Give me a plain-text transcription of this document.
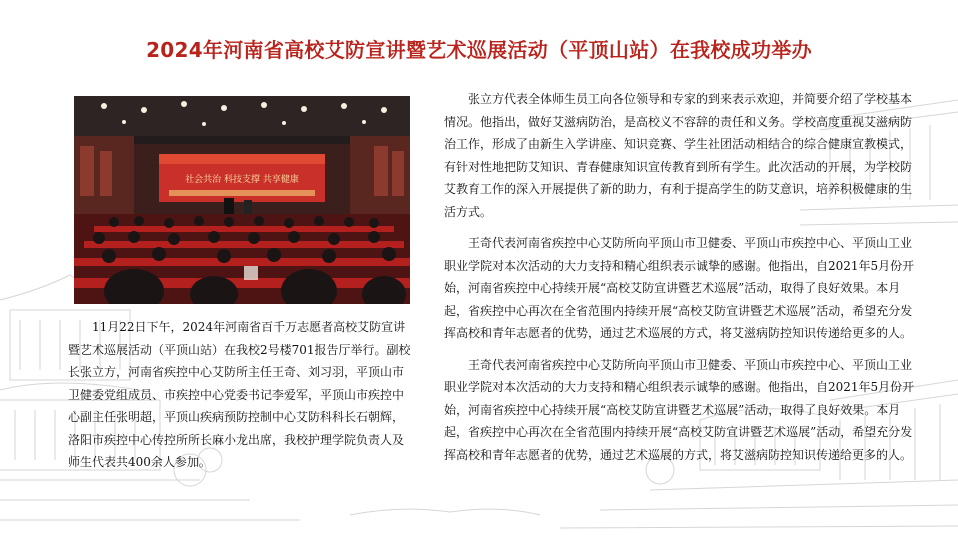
2024年河南省高校艾防宣讲暨艺术巡展活动（平顶山站）在我校成功举办
社会共治 科技支撑 共享健康

11月22日下午，2024年河南省百千万志愿者高校艾防宣讲暨艺术巡展活动（平顶山站）在我校2号楼701报告厅举行。副校长张立方，河南省疾控中心艾防所主任王奇、刘习羽，平顶山市卫健委党组成员、市疾控中心党委书记李爱军，平顶山市疾控中心副主任张明超，平顶山疾病预防控制中心艾防科科长石朝辉，洛阳市疾控中心传控所所长麻小龙出席，我校护理学院负责人及师生代表共400余人参加。

张立方代表全体师生员工向各位领导和专家的到来表示欢迎，并简要介绍了学校基本情况。他指出，做好艾滋病防治，是高校义不容辞的责任和义务。学校高度重视艾滋病防治工作，形成了由新生入学讲座、知识竞赛、学生社团活动相结合的综合健康宣教模式，有针对性地把防艾知识、青春健康知识宣传教育到所有学生。此次活动的开展，为学校防艾教育工作的深入开展提供了新的助力，有利于提高学生的防艾意识，培养积极健康的生活方式。

王奇代表河南省疾控中心艾防所向平顶山市卫健委、平顶山市疾控中心、平顶山工业职业学院对本次活动的大力支持和精心组织表示诚挚的感谢。他指出，自2021年5月份开始，河南省疾控中心持续开展“高校艾防宣讲暨艺术巡展”活动，取得了良好效果。本月起，省疾控中心再次在全省范围内持续开展“高校艾防宣讲暨艺术巡展”活动，希望充分发挥高校和青年志愿者的优势，通过艺术巡展的方式，将艾滋病防控知识传递给更多的人。

王奇代表河南省疾控中心艾防所向平顶山市卫健委、平顶山市疾控中心、平顶山工业职业学院对本次活动的大力支持和精心组织表示诚挚的感谢。他指出，自2021年5月份开始，河南省疾控中心持续开展“高校艾防宣讲暨艺术巡展”活动，取得了良好效果。本月起，省疾控中心再次在全省范围内持续开展“高校艾防宣讲暨艺术巡展”活动，希望充分发挥高校和青年志愿者的优势，通过艺术巡展的方式，将艾滋病防控知识传递给更多的人。
